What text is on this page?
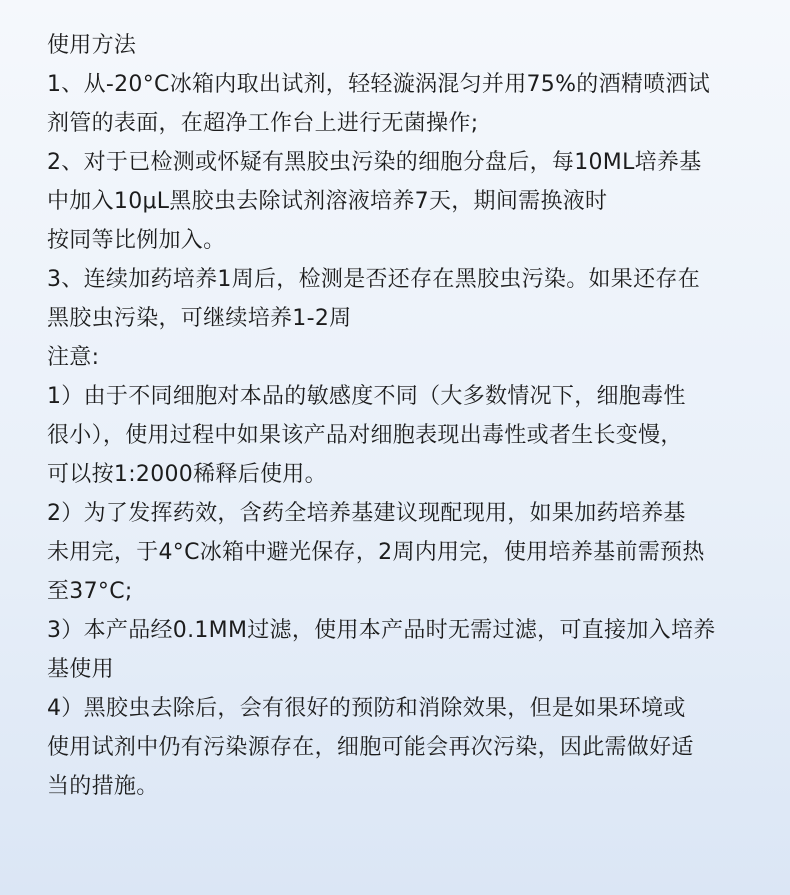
使用方法
1、从-20°C冰箱内取出试剂，轻轻漩涡混匀并用75%的酒精喷洒试
剂管的表面，在超净工作台上进行无菌操作;
2、对于已检测或怀疑有黑胶虫污染的细胞分盘后，每10ML培养基
中加入10μL黑胶虫去除试剂溶液培养7天，期间需换液时
按同等比例加入。
3、连续加药培养1周后，检测是否还存在黑胶虫污染。如果还存在
黑胶虫污染，可继续培养1-2周
注意:
1）由于不同细胞对本品的敏感度不同（大多数情况下，细胞毒性
很小），使用过程中如果该产品对细胞表现出毒性或者生长变慢，
可以按1:2000稀释后使用。
2）为了发挥药效，含药全培养基建议现配现用，如果加药培养基
未用完，于4°C冰箱中避光保存，2周内用完，使用培养基前需预热
至37°C;
3）本产品经0.1MM过滤，使用本产品时无需过滤，可直接加入培养
基使用
4）黑胶虫去除后，会有很好的预防和消除效果，但是如果环境或
使用试剂中仍有污染源存在，细胞可能会再次污染，因此需做好适
当的措施。
